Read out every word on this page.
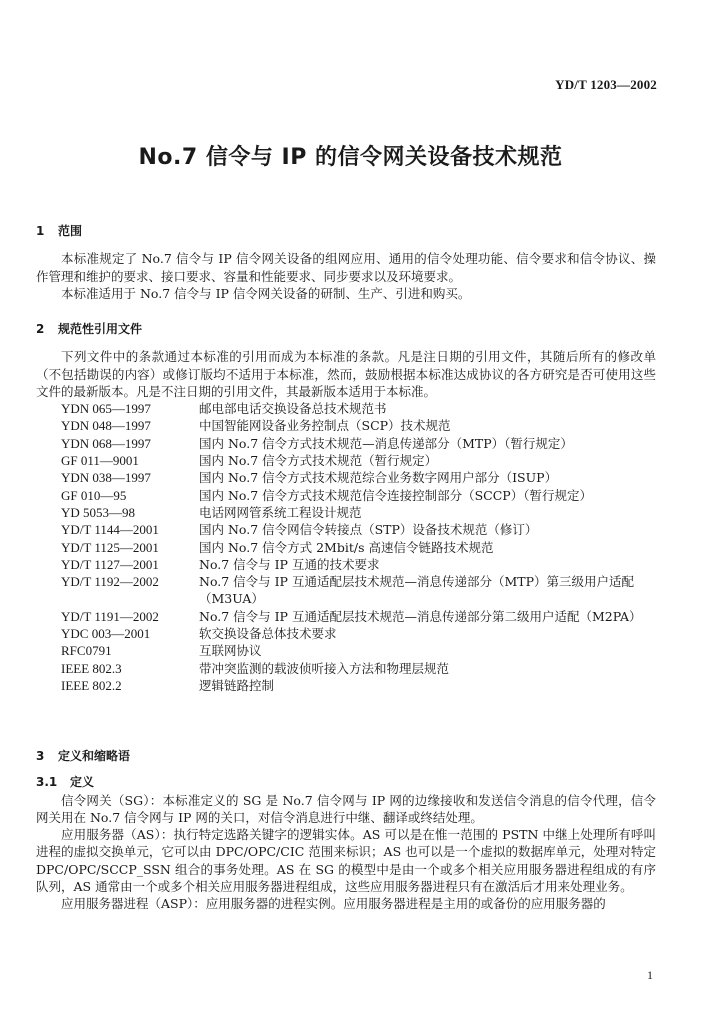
YD/T 1203—2002
No.7 信令与 IP 的信令网关设备技术规范

1 范围

本标准规定了 No.7 信令与 IP 信令网关设备的组网应用、通用的信令处理功能、信令要求和信令协议、操作管理和维护的要求、接口要求、容量和性能要求、同步要求以及环境要求。

本标准适用于 No.7 信令与 IP 信令网关设备的研制、生产、引进和购买。

2 规范性引用文件

下列文件中的条款通过本标准的引用而成为本标准的条款。凡是注日期的引用文件，其随后所有的修改单（不包括勘误的内容）或修订版均不适用于本标准，然而，鼓励根据本标准达成协议的各方研究是否可使用这些文件的最新版本。凡是不注日期的引用文件，其最新版本适用于本标准。

YDN 065—1997	邮电部电话交换设备总技术规范书
YDN 048—1997	中国智能网设备业务控制点（SCP）技术规范
YDN 068—1997	国内 No.7 信令方式技术规范—消息传递部分（MTP）（暂行规定）
GF 011—9001	国内 No.7 信令方式技术规范（暂行规定）
YDN 038—1997	国内 No.7 信令方式技术规范综合业务数字网用户部分（ISUP）
GF 010—95	国内 No.7 信令方式技术规范信令连接控制部分（SCCP）（暂行规定）
YD 5053—98	电话网网管系统工程设计规范
YD/T 1144—2001	国内 No.7 信令网信令转接点（STP）设备技术规范（修订）
YD/T 1125—2001	国内 No.7 信令方式 2Mbit/s 高速信令链路技术规范
YD/T 1127—2001	No.7 信令与 IP 互通的技术要求
YD/T 1192—2002	No.7 信令与 IP 互通适配层技术规范—消息传递部分（MTP）第三级用户适配（M3UA）
YD/T 1191—2002	No.7 信令与 IP 互通适配层技术规范—消息传递部分第二级用户适配（M2PA）
YDC 003—2001	软交换设备总体技术要求
RFC0791	互联网协议
IEEE 802.3	带冲突监测的载波侦听接入方法和物理层规范
IEEE 802.2	逻辑链路控制

3 定义和缩略语

3.1 定义

信令网关（SG）：本标准定义的 SG 是 No.7 信令网与 IP 网的边缘接收和发送信令消息的信令代理，信令网关用在 No.7 信令网与 IP 网的关口，对信令消息进行中继、翻译或终结处理。

应用服务器（AS）：执行特定选路关键字的逻辑实体。AS 可以是在惟一范围的 PSTN 中继上处理所有呼叫进程的虚拟交换单元，它可以由 DPC/OPC/CIC 范围来标识；AS 也可以是一个虚拟的数据库单元，处理对特定 DPC/OPC/SCCP_SSN 组合的事务处理。AS 在 SG 的模型中是由一个或多个相关应用服务器进程组成的有序队列，AS 通常由一个或多个相关应用服务器进程组成，这些应用服务器进程只有在激活后才用来处理业务。

应用服务器进程（ASP）：应用服务器的进程实例。应用服务器进程是主用的或备份的应用服务器的

1
